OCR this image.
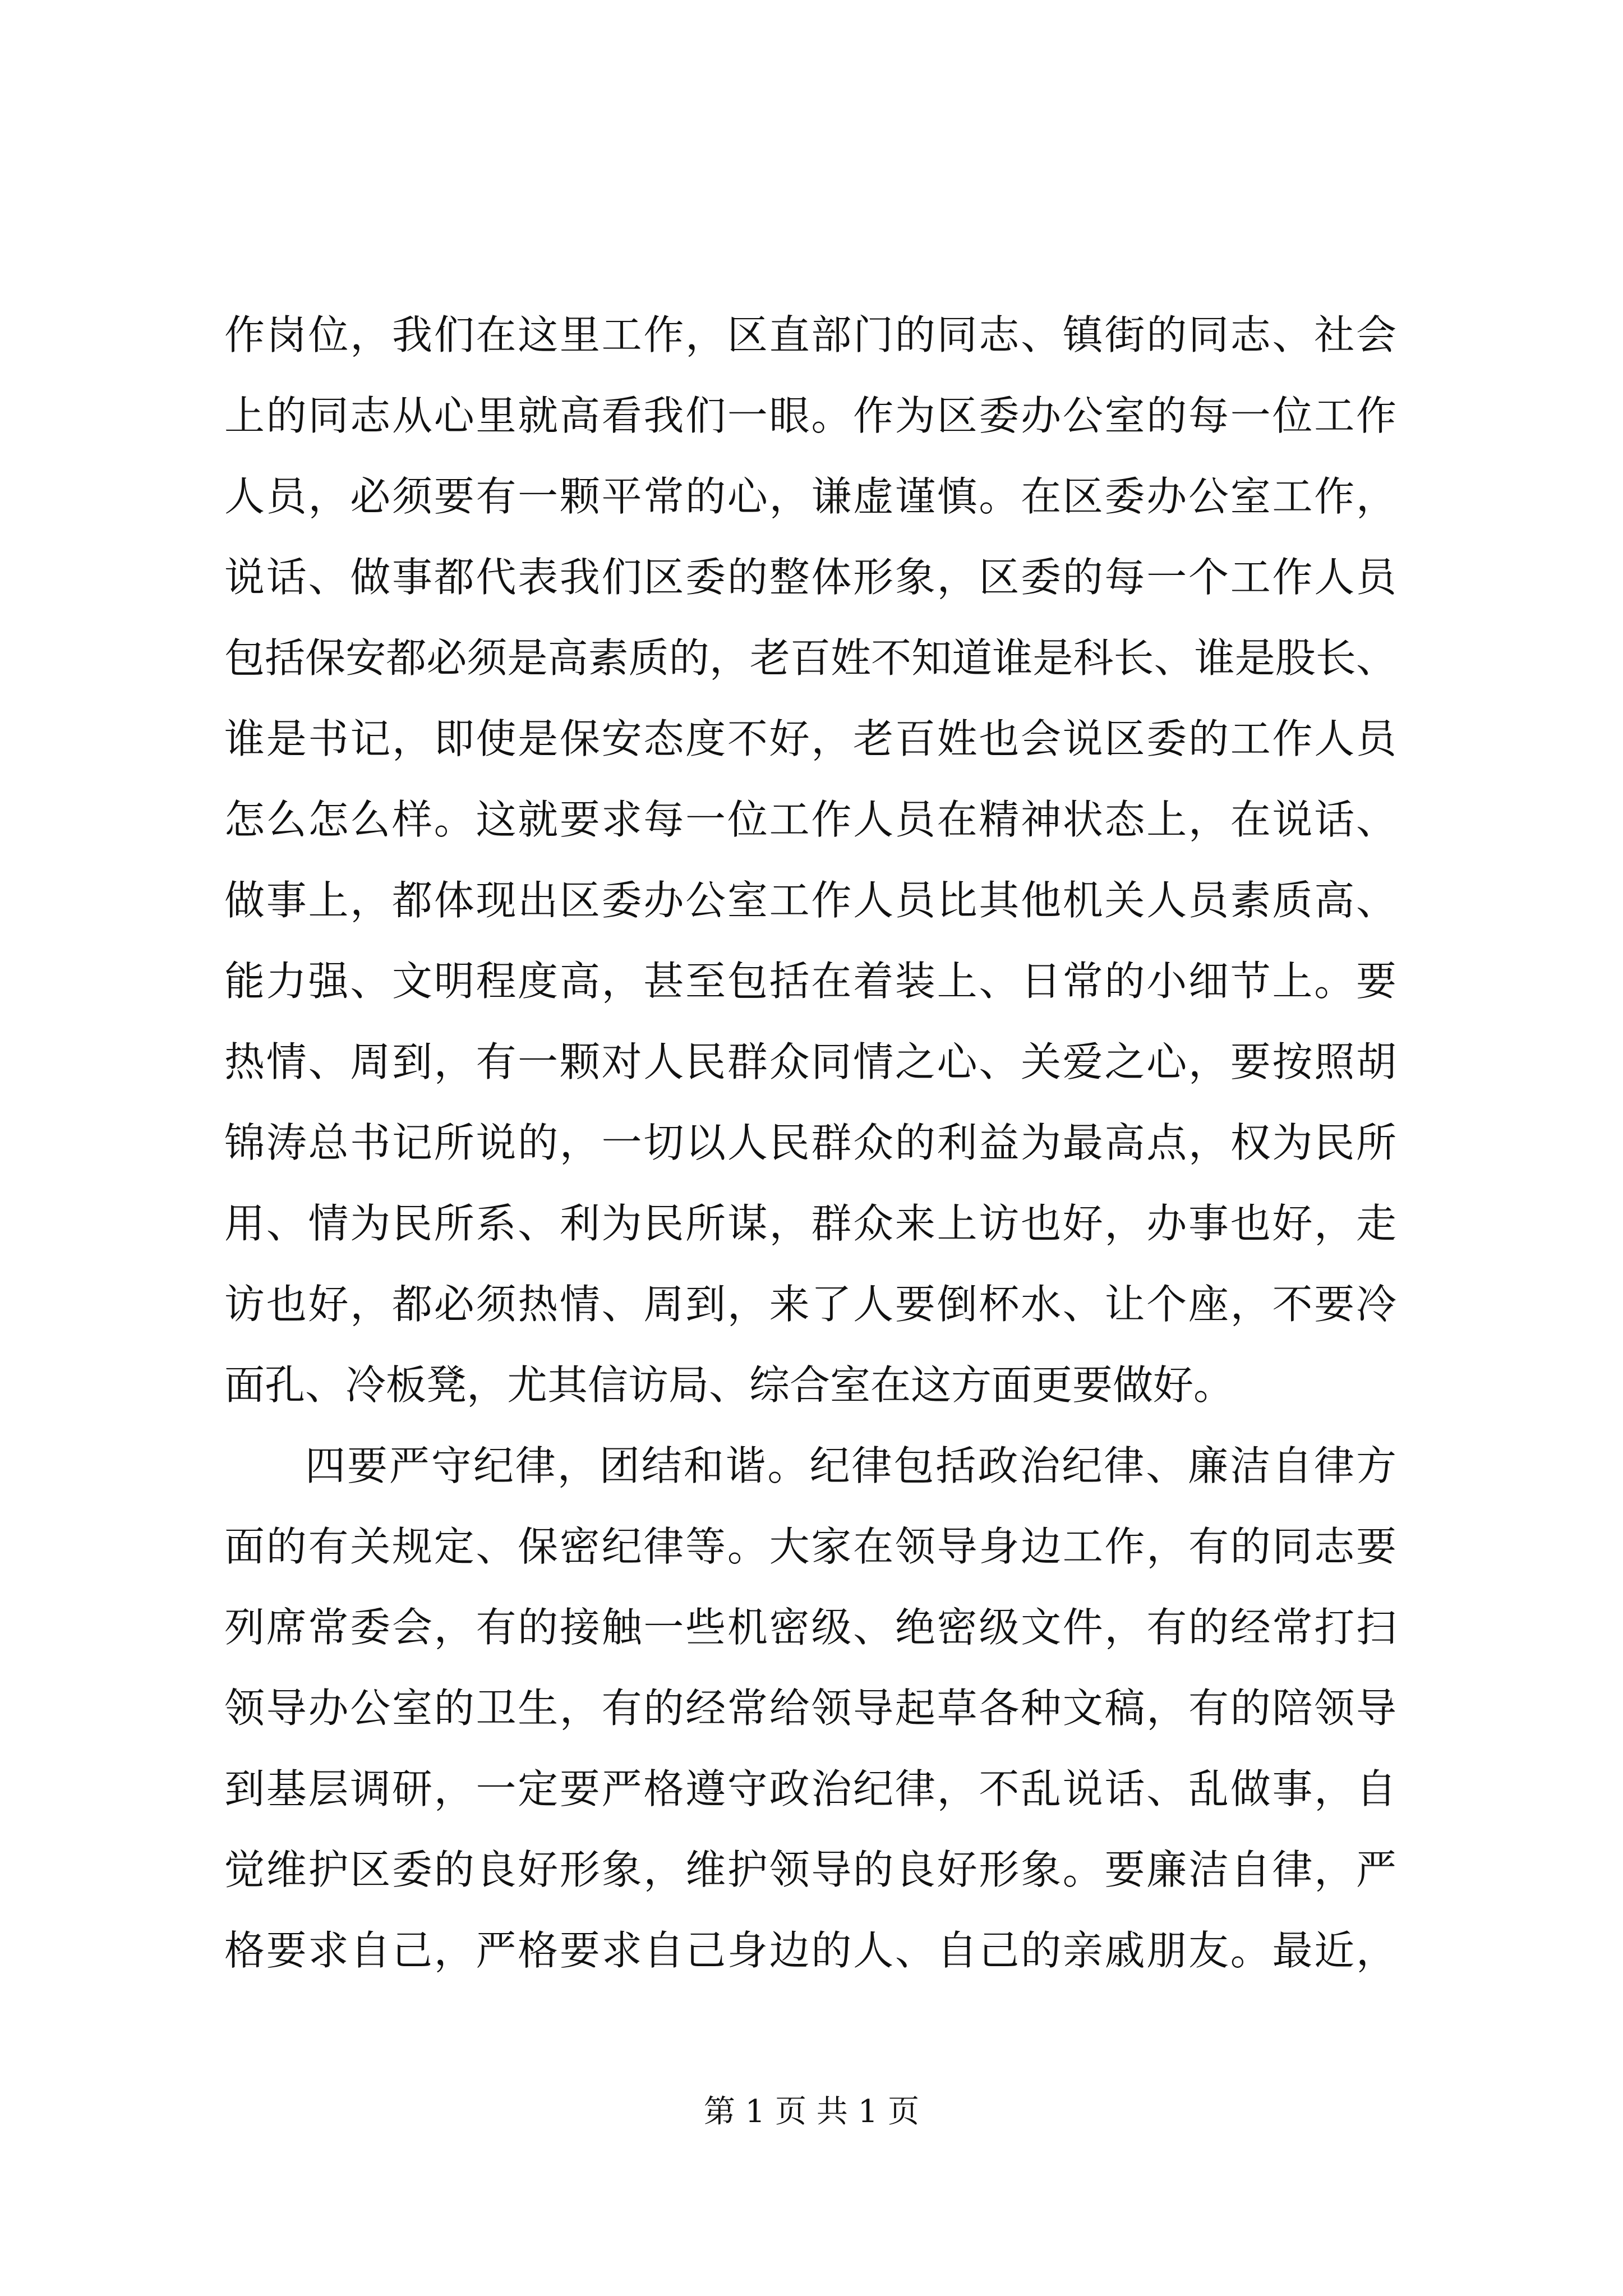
作岗位，我们在这里工作，区直部门的同志、镇街的同志、社会
上的同志从心里就高看我们一眼。作为区委办公室的每一位工作
人员，必须要有一颗平常的心，谦虚谨慎。在区委办公室工作，
说话、做事都代表我们区委的整体形象，区委的每一个工作人员
包括保安都必须是高素质的，老百姓不知道谁是科长、谁是股长、
谁是书记，即使是保安态度不好，老百姓也会说区委的工作人员
怎么怎么样。这就要求每一位工作人员在精神状态上，在说话、
做事上，都体现出区委办公室工作人员比其他机关人员素质高、
能力强、文明程度高，甚至包括在着装上、日常的小细节上。要
热情、周到，有一颗对人民群众同情之心、关爱之心，要按照胡
锦涛总书记所说的，一切以人民群众的利益为最高点，权为民所
用、情为民所系、利为民所谋，群众来上访也好，办事也好，走
访也好，都必须热情、周到，来了人要倒杯水、让个座，不要冷
面孔、冷板凳，尤其信访局、综合室在这方面更要做好。
四要严守纪律，团结和谐。纪律包括政治纪律、廉洁自律方
面的有关规定、保密纪律等。大家在领导身边工作，有的同志要
列席常委会，有的接触一些机密级、绝密级文件，有的经常打扫
领导办公室的卫生，有的经常给领导起草各种文稿，有的陪领导
到基层调研，一定要严格遵守政治纪律，不乱说话、乱做事，自
觉维护区委的良好形象，维护领导的良好形象。要廉洁自律，严
格要求自己，严格要求自己身边的人、自己的亲戚朋友。最近，
第 1 页 共 1 页
